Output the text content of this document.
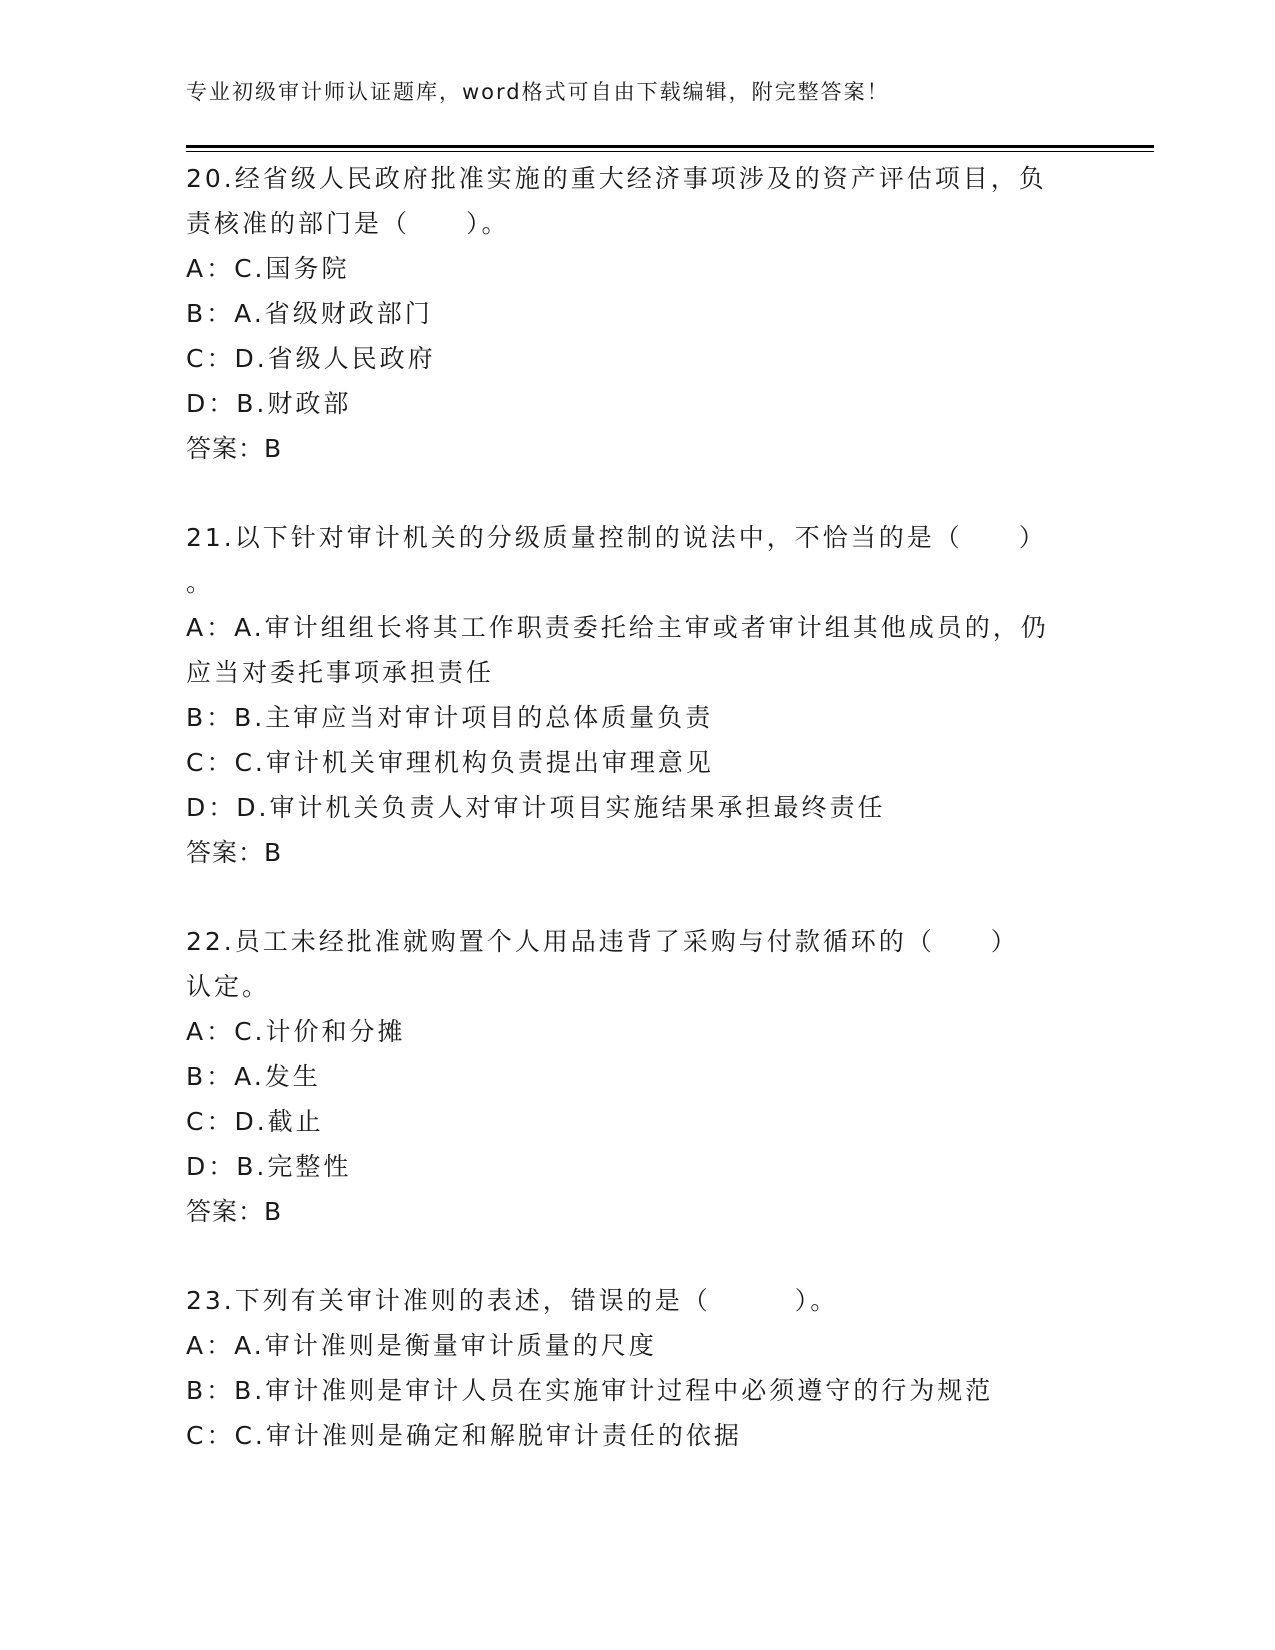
专业初级审计师认证题库，word格式可自由下载编辑，附完整答案！
20.经省级人民政府批准实施的重大经济事项涉及的资产评估项目，负
责核准的部门是（　　）。
A：C.国务院
B：A.省级财政部门
C：D.省级人民政府
D：B.财政部
答案：B
21.以下针对审计机关的分级质量控制的说法中，不恰当的是（　　）
。
A：A.审计组组长将其工作职责委托给主审或者审计组其他成员的，仍
应当对委托事项承担责任
B：B.主审应当对审计项目的总体质量负责
C：C.审计机关审理机构负责提出审理意见
D：D.审计机关负责人对审计项目实施结果承担最终责任
答案：B
22.员工未经批准就购置个人用品违背了采购与付款循环的（　　）
认定。
A：C.计价和分摊
B：A.发生
C：D.截止
D：B.完整性
答案：B
23.下列有关审计准则的表述，错误的是（　　　）。
A：A.审计准则是衡量审计质量的尺度
B：B.审计准则是审计人员在实施审计过程中必须遵守的行为规范
C：C.审计准则是确定和解脱审计责任的依据
